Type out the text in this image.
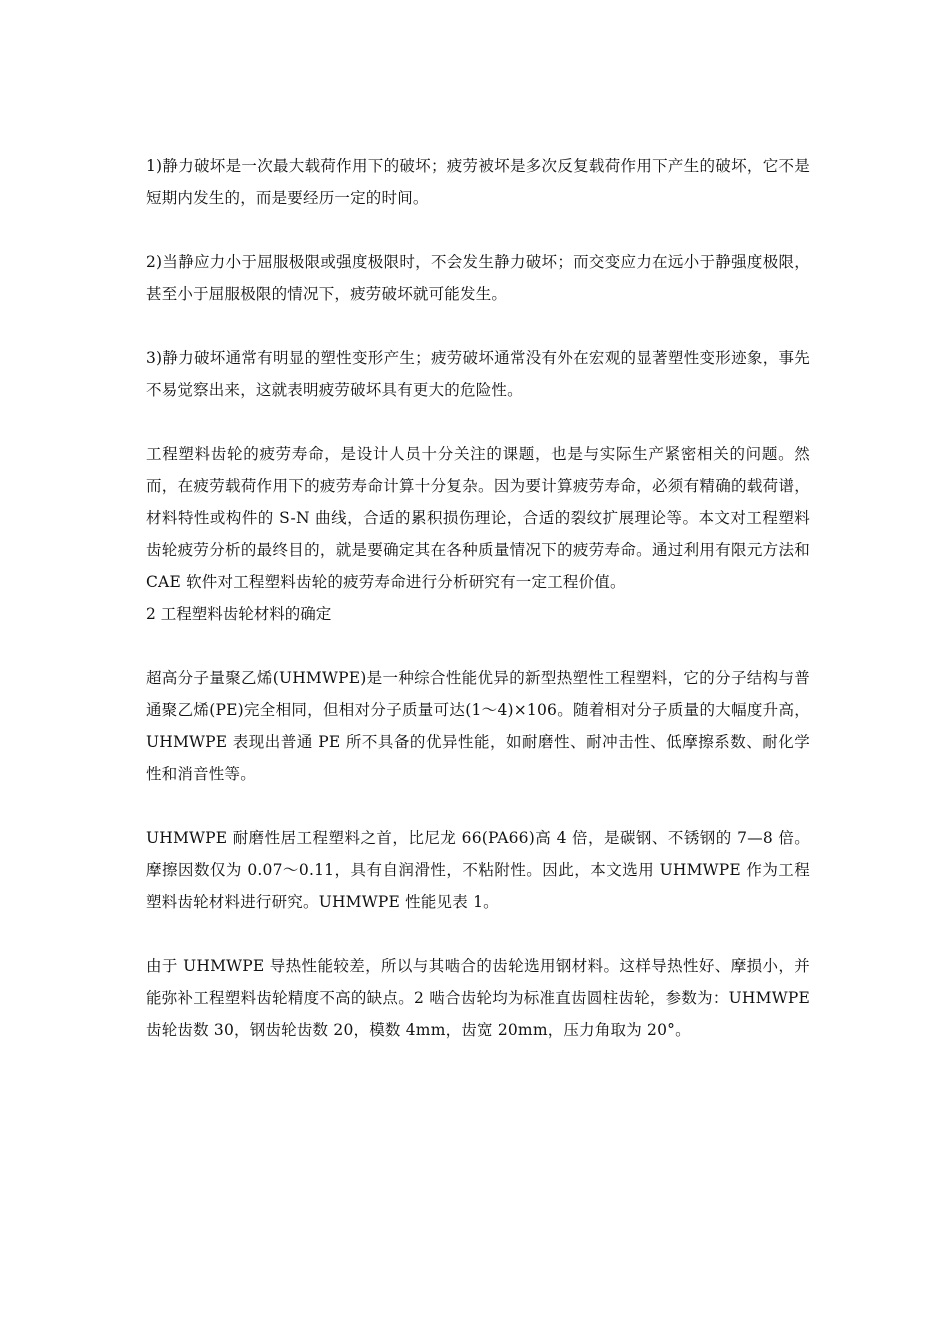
1)静力破坏是一次最大载荷作用下的破坏；疲劳被坏是多次反复载荷作用下产生的破坏，它不是短期内发生的，而是要经历一定的时间。

2)当静应力小于屈服极限或强度极限时，不会发生静力破坏；而交变应力在远小于静强度极限，甚至小于屈服极限的情况下，疲劳破坏就可能发生。

3)静力破坏通常有明显的塑性变形产生；疲劳破坏通常没有外在宏观的显著塑性变形迹象，事先不易觉察出来，这就表明疲劳破坏具有更大的危险性。

工程塑料齿轮的疲劳寿命，是设计人员十分关注的课题，也是与实际生产紧密相关的问题。然而，在疲劳载荷作用下的疲劳寿命计算十分复杂。因为要计算疲劳寿命，必须有精确的载荷谱，材料特性或构件的 S-N 曲线，合适的累积损伤理论，合适的裂纹扩展理论等。本文对工程塑料齿轮疲劳分析的最终目的，就是要确定其在各种质量情况下的疲劳寿命。通过利用有限元方法和 CAE 软件对工程塑料齿轮的疲劳寿命进行分析研究有一定工程价值。

2 工程塑料齿轮材料的确定

超高分子量聚乙烯(UHMWPE)是一种综合性能优异的新型热塑性工程塑料，它的分子结构与普通聚乙烯(PE)完全相同，但相对分子质量可达(1～4)×106。随着相对分子质量的大幅度升高，UHMWPE 表现出普通 PE 所不具备的优异性能，如耐磨性、耐冲击性、低摩擦系数、耐化学性和消音性等。

UHMWPE 耐磨性居工程塑料之首，比尼龙 66(PA66)高 4 倍，是碳钢、不锈钢的 7—8 倍。摩擦因数仅为 0.07～0.11，具有自润滑性，不粘附性。因此，本文选用 UHMWPE 作为工程塑料齿轮材料进行研究。UHMWPE 性能见表 1。

由于 UHMWPE 导热性能较差，所以与其啮合的齿轮选用钢材料。这样导热性好、摩损小，并能弥补工程塑料齿轮精度不高的缺点。2 啮合齿轮均为标准直齿圆柱齿轮，参数为：UHMWPE 齿轮齿数 30，钢齿轮齿数 20，模数 4mm，齿宽 20mm，压力角取为 20°。
